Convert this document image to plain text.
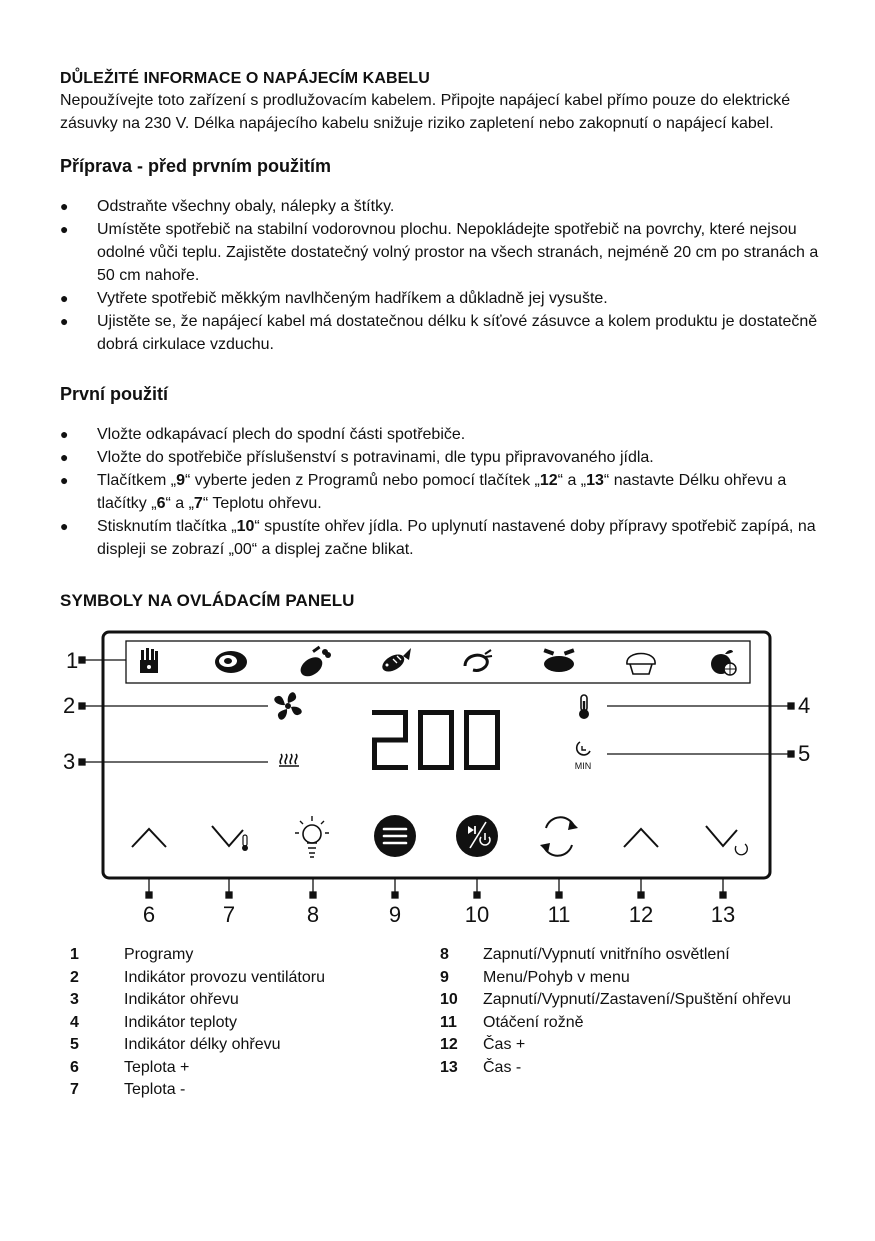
DŮLEŽITÉ INFORMACE O NAPÁJECÍM KABELU
Nepoužívejte toto zařízení s prodlužovacím kabelem. Připojte napájecí kabel přímo pouze do elektrické zásuvky na 230 V. Délka napájecího kabelu snižuje riziko zapletení nebo zakopnutí o napájecí kabel.
Příprava - před prvním použitím
● Odstraňte všechny obaly, nálepky a štítky.
● Umístěte spotřebič na stabilní vodorovnou plochu. Nepokládejte spotřebič na povrchy, které nejsou odolné vůči teplu. Zajistěte dostatečný volný prostor na všech stranách, nejméně 20 cm po stranách a 50 cm nahoře.
● Vytřete spotřebič měkkým navlhčeným hadříkem a důkladně jej vysušte.
● Ujistěte se, že napájecí kabel má dostatečnou délku k síťové zásuvce a kolem produktu je dostatečně dobrá cirkulace vzduchu.
První použití
● Vložte odkapávací plech do spodní části spotřebiče.
● Vložte do spotřebiče příslušenství s potravinami, dle typu připravovaného jídla.
● Tlačítkem „9“ vyberte jeden z Programů nebo pomocí tlačítek „12“ a „13“ nastavte Délku ohřevu a tlačítky „6“ a „7“ Teplotu ohřevu.
● Stisknutím tlačítka „10“ spustíte ohřev jídla. Po uplynutí nastavené doby přípravy spotřebič zapípá, na displeji se zobrazí „00“ a displej začne blikat.
SYMBOLY NA OVLÁDACÍM PANELU
MIN
1
2
3
4
5
6	7	8	9	10	11	12	13
1	Programy
2	Indikátor provozu ventilátoru
3	Indikátor ohřevu
4	Indikátor teploty
5	Indikátor délky ohřevu
6	Teplota +
7	Teplota -
8	Zapnutí/Vypnutí vnitřního osvětlení
9	Menu/Pohyb v menu
10	Zapnutí/Vypnutí/Zastavení/Spuštění ohřevu
11	Otáčení rožně
12	Čas +
13	Čas -
